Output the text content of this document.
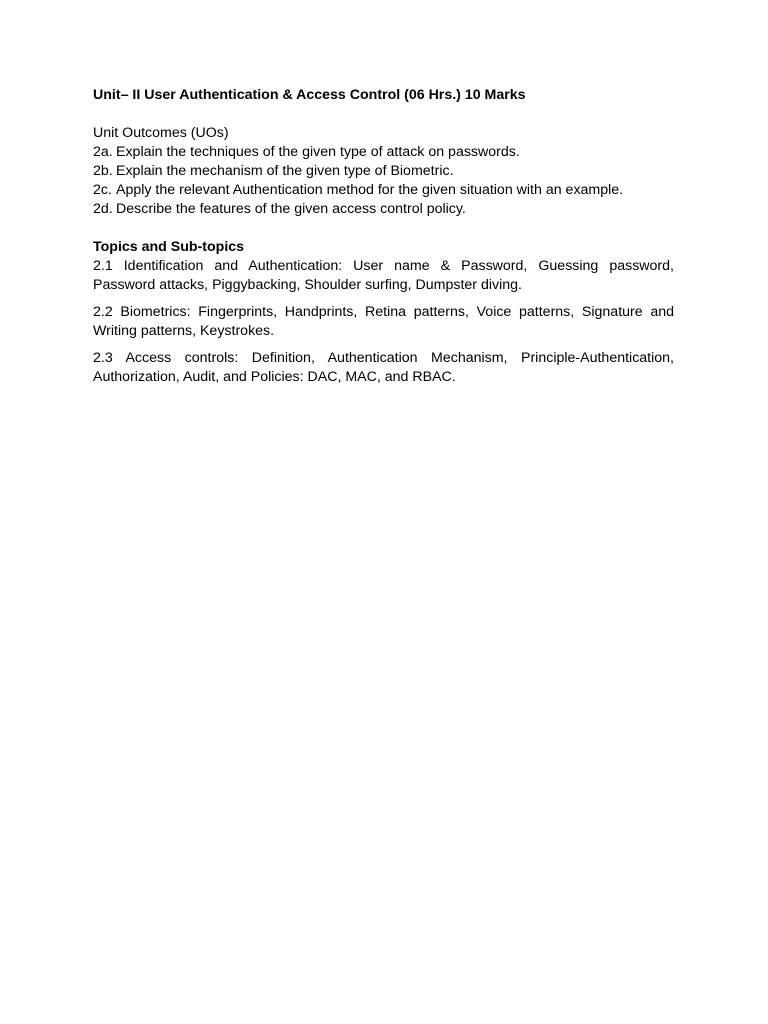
Unit– II User Authentication & Access Control (06 Hrs.) 10 Marks
Unit Outcomes (UOs)
2a. Explain the techniques of the given type of attack on passwords.
2b. Explain the mechanism of the given type of Biometric.
2c. Apply the relevant Authentication method for the given situation with an example.
2d. Describe the features of the given access control policy.
Topics and Sub-topics

2.1 Identification and Authentication: User name & Password, Guessing password, Password attacks, Piggybacking, Shoulder surfing, Dumpster diving.

2.2 Biometrics: Fingerprints, Handprints, Retina patterns, Voice patterns, Signature and Writing patterns, Keystrokes.

2.3 Access controls: Definition, Authentication Mechanism, Principle-Authentication, Authorization, Audit, and Policies: DAC, MAC, and RBAC.
